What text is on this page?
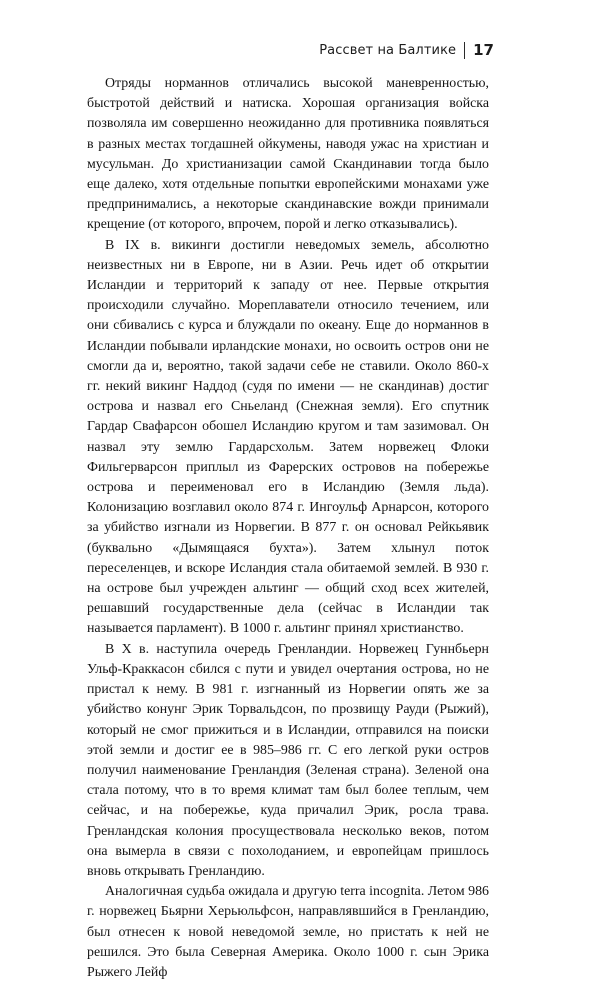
Рассвет на Балтике 17

Отряды норманнов отличались высокой маневренностью, быстротой действий и натиска. Хорошая организация войска позволяла им совершенно неожиданно для противника появляться в разных местах тогдашней ойкумены, наводя ужас на христиан и мусульман. До христианизации самой Скандинавии тогда было еще далеко, хотя отдельные попытки европейскими монахами уже предпринимались, а некоторые скандинавские вожди принимали крещение (от которого, впрочем, порой и легко отказывались).

В IX в. викинги достигли неведомых земель, абсолютно неизвестных ни в Европе, ни в Азии. Речь идет об открытии Исландии и территорий к западу от нее. Первые открытия происходили случайно. Мореплаватели относило течением, или они сбивались с курса и блуждали по океану. Еще до норманнов в Исландии побывали ирландские монахи, но освоить остров они не смогли да и, вероятно, такой задачи себе не ставили. Около 860-х гг. некий викинг Наддод (судя по имени — не скандинав) достиг острова и назвал его Сньеланд (Снежная земля). Его спутник Гардар Свафарсон обошел Исландию кругом и там зазимовал. Он назвал эту землю Гардарсхольм. Затем норвежец Флоки Фильгерварсон приплыл из Фарерских островов на побережье острова и переименовал его в Исландию (Земля льда). Колонизацию возглавил около 874 г. Ингоульф Арнарсон, которого за убийство изгнали из Норвегии. В 877 г. он основал Рейкьявик (буквально «Дымящаяся бухта»). Затем хлынул поток переселенцев, и вскоре Исландия стала обитаемой землей. В 930 г. на острове был учрежден альтинг — общий сход всех жителей, решавший государственные дела (сейчас в Исландии так называется парламент). В 1000 г. альтинг принял христианство.

В X в. наступила очередь Гренландии. Норвежец Гуннбьерн Ульф-Краккасон сбился с пути и увидел очертания острова, но не пристал к нему. В 981 г. изгнанный из Норвегии опять же за убийство конунг Эрик Торвальдсон, по прозвищу Рауди (Рыжий), который не смог прижиться и в Исландии, отправился на поиски этой земли и достиг ее в 985–986 гг. С его легкой руки остров получил наименование Гренландия (Зеленая страна). Зеленой она стала потому, что в то время климат там был более теплым, чем сейчас, и на побережье, куда причалил Эрик, росла трава. Гренландская колония просуществовала несколько веков, потом она вымерла в связи с похолоданием, и европейцам пришлось вновь открывать Гренландию.

Аналогичная судьба ожидала и другую terra incognita. Летом 986 г. норвежец Бьярни Херьюльфсон, направлявшийся в Гренландию, был отнесен к новой неведомой земле, но пристать к ней не решился. Это была Северная Америка. Около 1000 г. сын Эрика Рыжего Лейф
